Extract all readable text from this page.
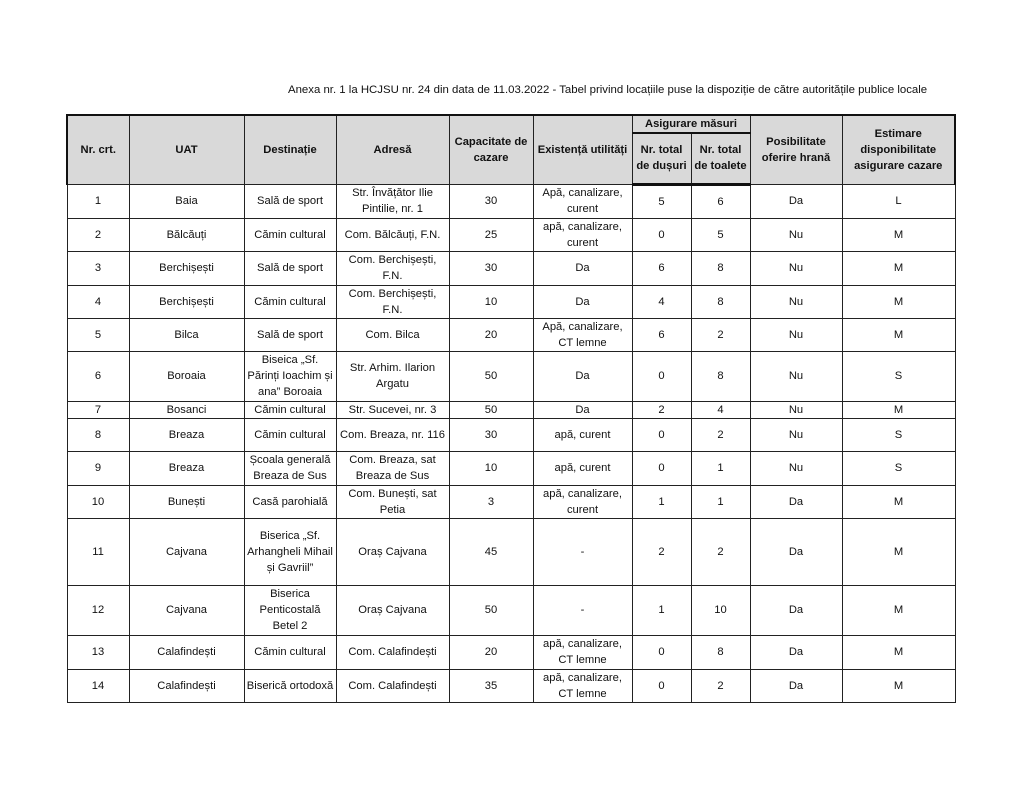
Anexa nr. 1 la HCJSU nr. 24 din data de 11.03.2022 - Tabel privind locațiile puse la dispoziție de către autoritățile publice locale
Nr. crt.	UAT	Destinație	Adresă	Capacitate de cazare	Existență utilități	Asigurare măsuri		Posibilitate oferire hrană	Estimare disponibilitate asigurare cazare
						Nr. total de dușuri	Nr. total de toalete		
1	Baia	Sală de sport	Str. Învățător Ilie Pintilie, nr. 1	30	Apă, canalizare, curent	5	6	Da	L
2	Bălcăuți	Cămin cultural	Com. Bălcăuți, F.N.	25	apă, canalizare, curent	0	5	Nu	M
3	Berchișești	Sală de sport	Com. Berchișești, F.N.	30	Da	6	8	Nu	M
4	Berchișești	Cămin cultural	Com. Berchișești, F.N.	10	Da	4	8	Nu	M
5	Bilca	Sală de sport	Com. Bilca	20	Apă, canalizare, CT lemne	6	2	Nu	M
6	Boroaia	Biseica „Sf. Părinți Ioachim și ana” Boroaia	Str. Arhim. Ilarion Argatu	50	Da	0	8	Nu	S
7	Bosanci	Cămin cultural	Str. Sucevei, nr. 3	50	Da	2	4	Nu	M
8	Breaza	Cămin cultural	Com. Breaza, nr. 116	30	apă, curent	0	2	Nu	S
9	Breaza	Școala generală Breaza de Sus	Com. Breaza, sat Breaza de Sus	10	apă, curent	0	1	Nu	S
10	Bunești	Casă parohială	Com. Bunești, sat Petia	3	apă, canalizare, curent	1	1	Da	M
11	Cajvana	Biserica „Sf. Arhangheli Mihail și Gavriil”	Oraș Cajvana	45	-	2	2	Da	M
12	Cajvana	Biserica Penticostală Betel 2	Oraș Cajvana	50	-	1	10	Da	M
13	Calafindești	Cămin cultural	Com. Calafindești	20	apă, canalizare, CT lemne	0	8	Da	M
14	Calafindești	Biserică ortodoxă	Com. Calafindești	35	apă, canalizare, CT lemne	0	2	Da	M
